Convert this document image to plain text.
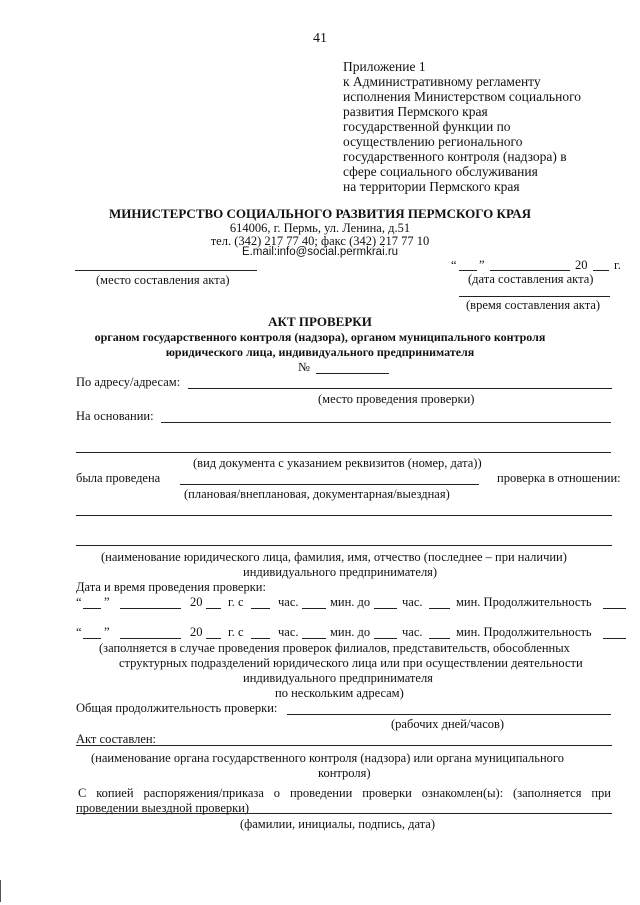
41
Приложение 1
к Административному регламенту
исполнения Министерством социального
развития Пермского края
государственной функции по
осуществлению регионального
государственного контроля (надзора) в
сфере социального обслуживания
на территории Пермского края
МИНИСТЕРСТВО СОЦИАЛЬНОГО РАЗВИТИЯ ПЕРМСКОГО КРАЯ
614006, г. Пермь, ул. Ленина, д.51
тел. (342) 217 77 40; факс (342) 217 77 10
E.mail:info@social.permkrai.ru
(место составления акта)
“ ”	20 г.
(дата составления акта)
(время составления акта)
АКТ ПРОВЕРКИ
органом государственного контроля (надзора), органом муниципального контроля
юридического лица, индивидуального предпринимателя
№
По адресу/адресам:
(место проведения проверки)
На основании:
(вид документа с указанием реквизитов (номер, дата))
была проведена	проверка в отношении:
(плановая/внеплановая, документарная/выездная)
(наименование юридического лица, фамилия, имя, отчество (последнее – при наличии)
индивидуального предпринимателя)
Дата и время проведения проверки:
“ ”	20 г. с	час.	мин. до	час.	мин. Продолжительность
“ ”	20 г. с	час.	мин. до	час.	мин. Продолжительность
(заполняется в случае проведения проверок филиалов, представительств, обособленных
структурных подразделений юридического лица или при осуществлении деятельности
индивидуального предпринимателя
по нескольким адресам)
Общая продолжительность проверки:
(рабочих дней/часов)
Акт составлен:
(наименование органа государственного контроля (надзора) или органа муниципального
контроля)
С копией распоряжения/приказа о проведении проверки ознакомлен(ы): (заполняется при
проведении выездной проверки)
(фамилии, инициалы, подпись, дата)
